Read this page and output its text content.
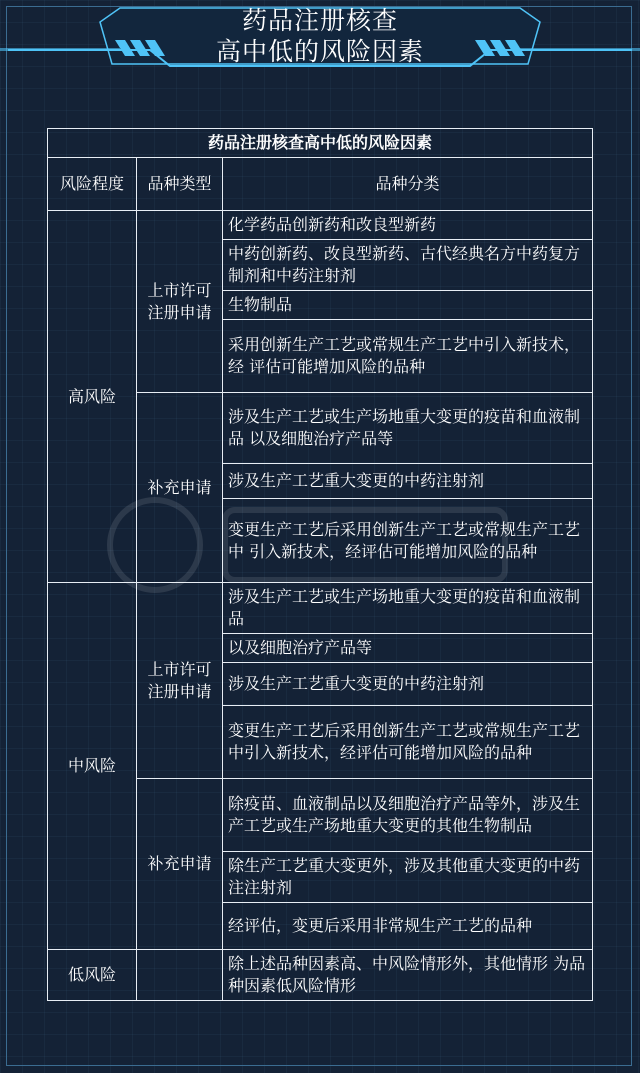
药品注册核查
高中低的风险因素
药品注册核查高中低的风险因素		
风险程度	品种类型	品种分类
高风险	上市许可注册申请	化学药品创新药和改良型新药
		中药创新药、改良型新药、古代经典名方中药复方制剂和中药注射剂
		生物制品
		采用创新生产工艺或常规生产工艺中引入新技术，经 评估可能增加风险的品种
	补充申请	涉及生产工艺或生产场地重大变更的疫苗和血液制品 以及细胞治疗产品等
		涉及生产工艺重大变更的中药注射剂
		变更生产工艺后采用创新生产工艺或常规生产工艺中 引入新技术，经评估可能增加风险的品种
中风险	上市许可注册申请	涉及生产工艺或生产场地重大变更的疫苗和血液制品
		以及细胞治疗产品等
		涉及生产工艺重大变更的中药注射剂
		变更生产工艺后采用创新生产工艺或常规生产工艺中引入新技术，经评估可能增加风险的品种
	补充申请	除疫苗、血液制品以及细胞治疗产品等外，涉及生产工艺或生产场地重大变更的其他生物制品
		除生产工艺重大变更外，涉及其他重大变更的中药注注射剂
		经评估，变更后采用非常规生产工艺的品种
低风险		除上述品种因素高、中风险情形外，其他情形 为品种因素低风险情形
